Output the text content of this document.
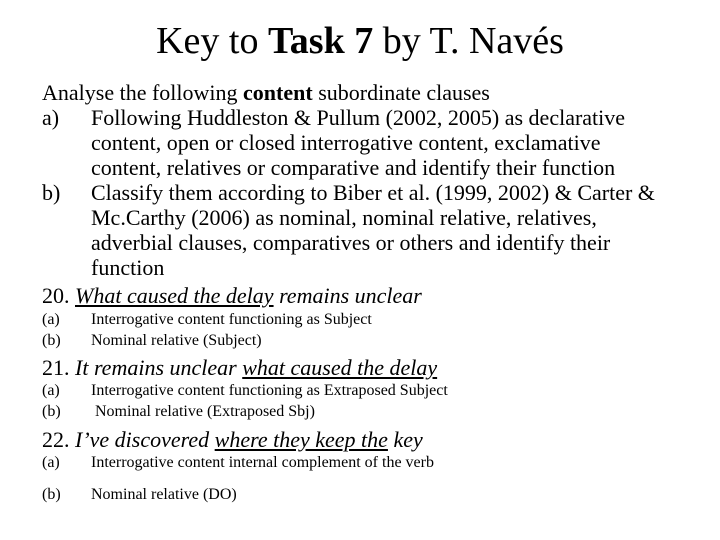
Key to Task 7 by T. Navés
Analyse the following content subordinate clauses
a) Following Huddleston & Pullum (2002, 2005) as declarative
content, open or closed interrogative content, exclamative
content, relatives or comparative and identify their function
b) Classify them according to Biber et al. (1999, 2002) & Carter &
Mc.Carthy (2006) as nominal, nominal relative, relatives,
adverbial clauses, comparatives or others and identify their
function
20. What caused the delay remains unclear
(a) Interrogative content functioning as Subject
(b) Nominal relative (Subject)
21. It remains unclear what caused the delay
(a) Interrogative content functioning as Extraposed Subject
(b) Nominal relative (Extraposed Sbj)
22. I’ve discovered where they keep the key
(a) Interrogative content internal complement of the verb
(b) Nominal relative (DO)
